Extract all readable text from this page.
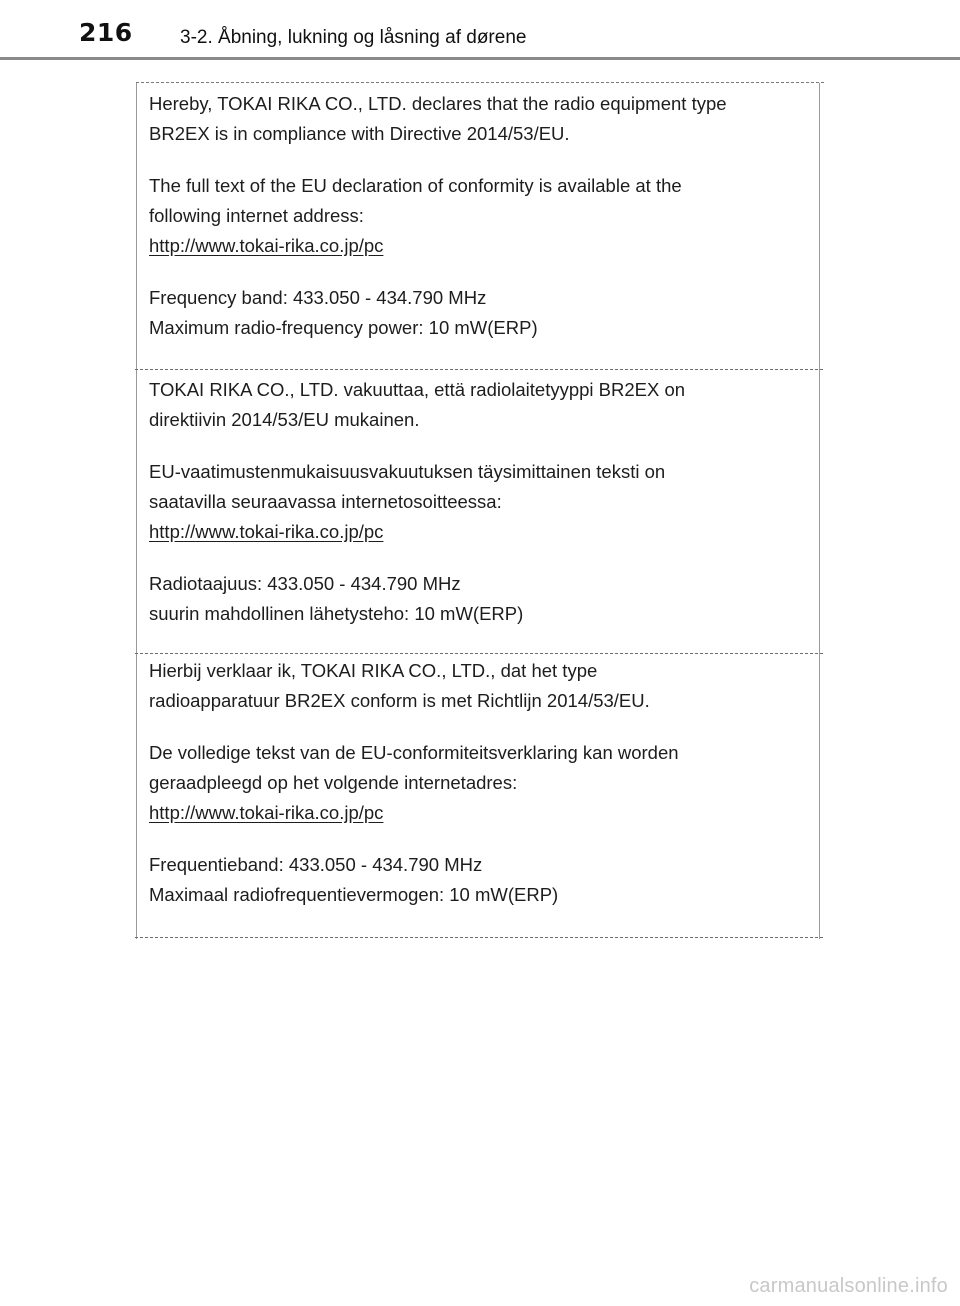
216 3-2. Åbning, lukning og låsning af dørene

Hereby, TOKAI RIKA CO., LTD. declares that the radio equipment type

BR2EX is in compliance with Directive 2014/53/EU.

The full text of the EU declaration of conformity is available at the

following internet address:

http://www.tokai-rika.co.jp/pc

Frequency band: 433.050 - 434.790 MHz

Maximum radio-frequency power: 10 mW(ERP)

TOKAI RIKA CO., LTD. vakuuttaa, että radiolaitetyyppi BR2EX on

direktiivin 2014/53/EU mukainen.

EU-vaatimustenmukaisuusvakuutuksen täysimittainen teksti on

saatavilla seuraavassa internetosoitteessa:

http://www.tokai-rika.co.jp/pc

Radiotaajuus: 433.050 - 434.790 MHz

suurin mahdollinen lähetysteho: 10 mW(ERP)

Hierbij verklaar ik, TOKAI RIKA CO., LTD., dat het type

radioapparatuur BR2EX conform is met Richtlijn 2014/53/EU.

De volledige tekst van de EU-conformiteitsverklaring kan worden

geraadpleegd op het volgende internetadres:

http://www.tokai-rika.co.jp/pc

Frequentieband: 433.050 - 434.790 MHz

Maximaal radiofrequentievermogen: 10 mW(ERP)

carmanualsonline.info
